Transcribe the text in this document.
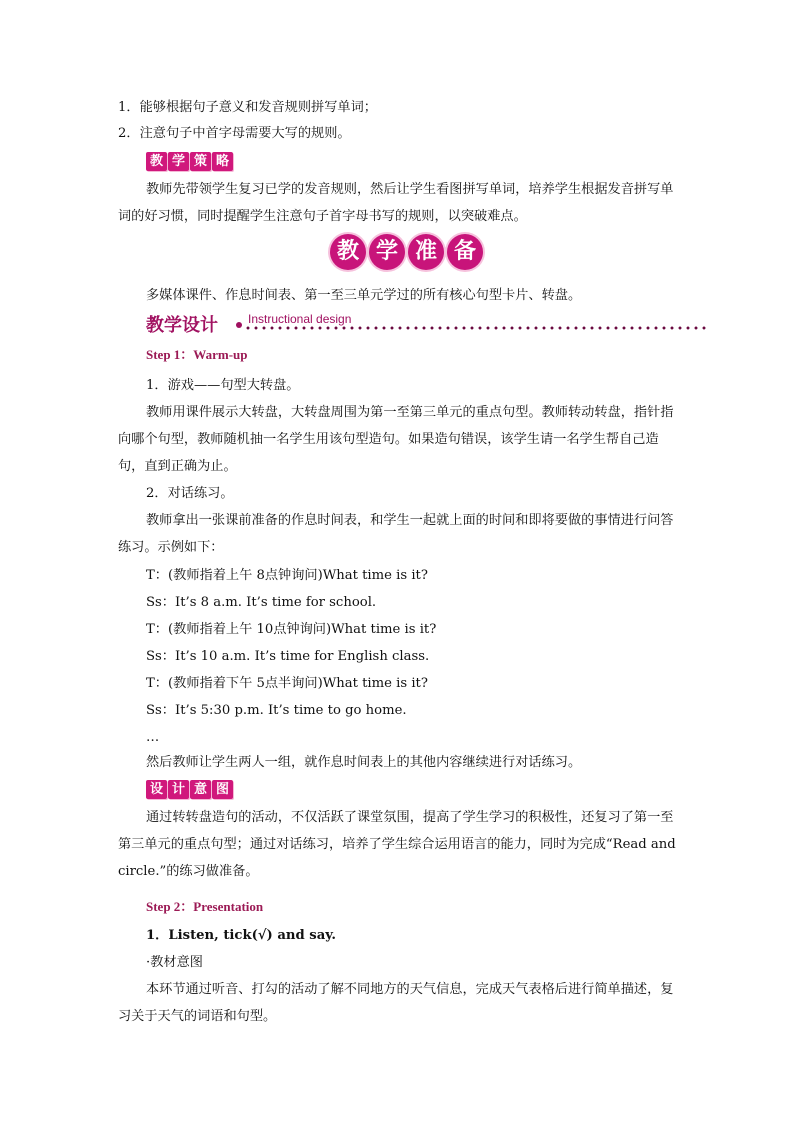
1．能够根据句子意义和发音规则拼写单词；

2．注意句子中首字母需要大写的规则。

教 学 策 略

教师先带领学生复习已学的发音规则，然后让学生看图拼写单词，培养学生根据发音拼写单词的好习惯，同时提醒学生注意句子首字母书写的规则，以突破难点。

教 学 准 备

多媒体课件、作息时间表、第一至三单元学过的所有核心句型卡片、转盘。

教学设计	Instructional design
Step 1：Warm-up

1．游戏——句型大转盘。

教师用课件展示大转盘，大转盘周围为第一至第三单元的重点句型。教师转动转盘，指针指向哪个句型，教师随机抽一名学生用该句型造句。如果造句错误，该学生请一名学生帮自己造句，直到正确为止。

2．对话练习。

教师拿出一张课前准备的作息时间表，和学生一起就上面的时间和即将要做的事情进行问答练习。示例如下：

T：(教师指着上午 8点钟询问)What time is it?

Ss：It’s 8 a.m. It’s time for school.

T：(教师指着上午 10点钟询问)What time is it?

Ss：It’s 10 a.m. It’s time for English class.

T：(教师指着下午 5点半询问)What time is it?

Ss：It’s 5:30 p.m. It’s time to go home.

…

然后教师让学生两人一组，就作息时间表上的其他内容继续进行对话练习。

设 计 意 图

通过转转盘造句的活动，不仅活跃了课堂氛围，提高了学生学习的积极性，还复习了第一至第三单元的重点句型；通过对话练习，培养了学生综合运用语言的能力，同时为完成“Read and circle.”的练习做准备。

Step 2：Presentation

1．Listen, tick(√) and say.

·教材意图

本环节通过听音、打勾的活动了解不同地方的天气信息，完成天气表格后进行简单描述，复习关于天气的词语和句型。
